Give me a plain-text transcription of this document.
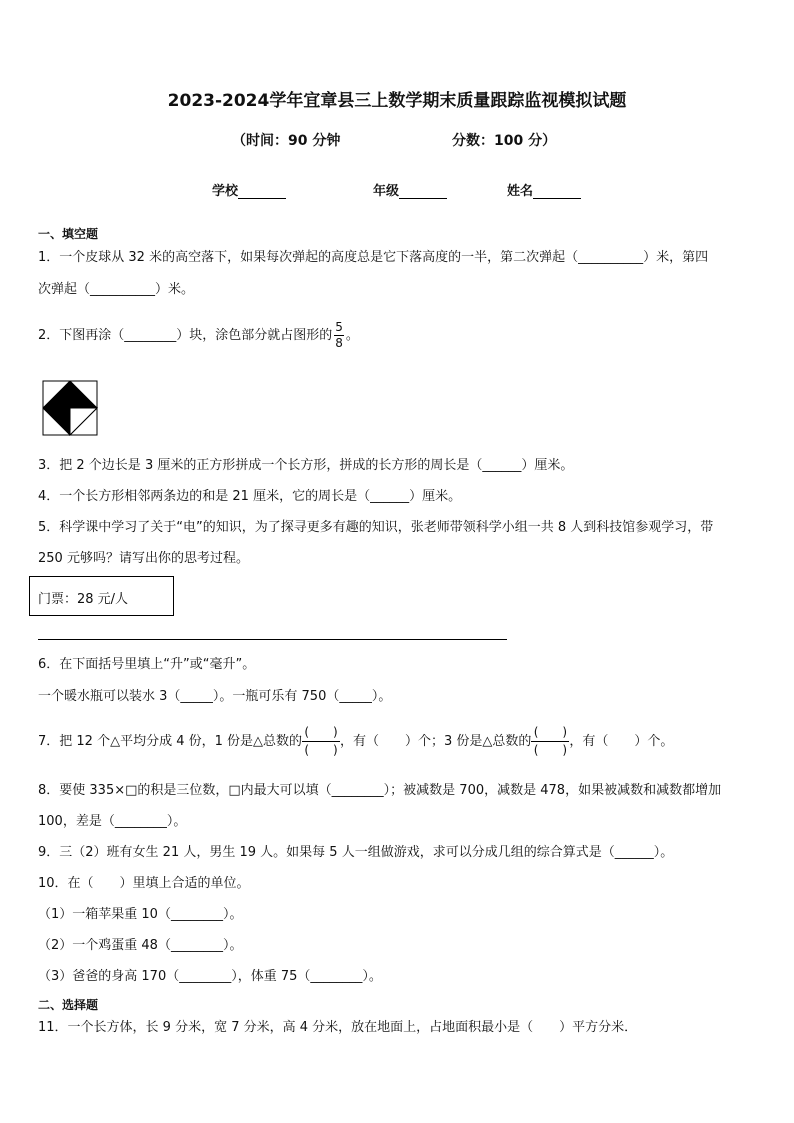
2023-2024学年宜章县三上数学期末质量跟踪监视模拟试题
（时间：90 分钟	分数：100 分）
学校	年级	姓名
一、填空题
1．一个皮球从 32 米的高空落下，如果每次弹起的高度总是它下落高度的一半，第二次弹起（__________）米，第四
次弹起（__________）米。
2．下图再涂（________）块，涂色部分就占图形的 $\frac{5}{8}$ 。
3．把 2 个边长是 3 厘米的正方形拼成一个长方形，拼成的长方形的周长是（______）厘米。
4．一个长方形相邻两条边的和是 21 厘米，它的周长是（______）厘米。
5．科学课中学习了关于“电”的知识，为了探寻更多有趣的知识，张老师带领科学小组一共 8 人到科技馆参观学习，带
250 元够吗？请写出你的思考过程。
门票：28 元/人
6．在下面括号里填上“升”或“毫升”。
一个暖水瓶可以装水 3（_____）。一瓶可乐有 750（_____）。
7．把 12 个△平均分成 4 份，1 份是△总数的 $\frac{( )}{( )}$ ，有（　　）个；3 份是△总数的 $\frac{( )}{( )}$ ，有（　　）个。
8．要使 335×□的积是三位数，□内最大可以填（________）；被减数是 700，减数是 478，如果被减数和减数都增加
100，差是（________）。
9．三（2）班有女生 21 人，男生 19 人。如果每 5 人一组做游戏，求可以分成几组的综合算式是（______）。
10．在（　　）里填上合适的单位。
（1）一箱苹果重 10（________）。
（2）一个鸡蛋重 48（________）。
（3）爸爸的身高 170（________），体重 75（________）。
二、选择题
11．一个长方体，长 9 分米，宽 7 分米，高 4 分米，放在地面上，占地面积最小是（　　）平方分米．
